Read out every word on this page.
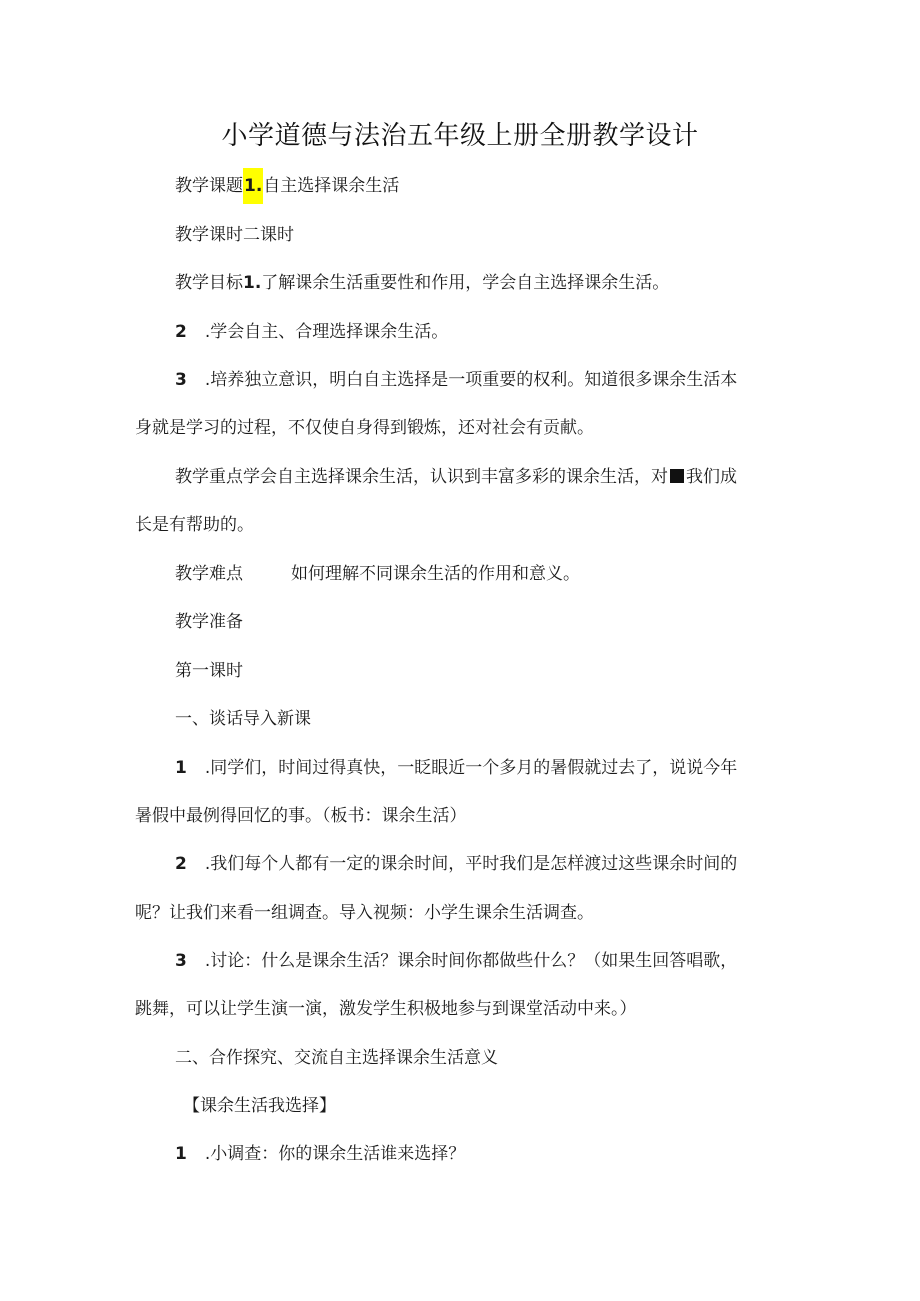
小学道德与法治五年级上册全册教学设计
教学课题1.自主选择课余生活
教学课时二课时
教学目标1.了解课余生活重要性和作用，学会自主选择课余生活。
2 .学会自主、合理选择课余生活。
3 .培养独立意识，明白自主选择是一项重要的权利。知道很多课余生活本
身就是学习的过程，不仅使自身得到锻炼，还对社会有贡献。
教学重点学会自主选择课余生活，认识到丰富多彩的课余生活，对 我们成
长是有帮助的。
教学难点	如何理解不同课余生活的作用和意义。
教学准备
第一课时
一、谈话导入新课
1 .同学们，时间过得真快，一眨眼近一个多月的暑假就过去了，说说今年
暑假中最例得回忆的事。（板书：课余生活）
2 .我们每个人都有一定的课余时间，平时我们是怎样渡过这些课余时间的
呢？让我们来看一组调查。导入视频：小学生课余生活调查。
3 .讨论：什么是课余生活？课余时间你都做些什么？（如果生回答唱歌，
跳舞，可以让学生演一演，激发学生积极地参与到课堂活动中来。）
二、合作探究、交流自主选择课余生活意义
【课余生活我选择】
1 .小调查：你的课余生活谁来选择？
